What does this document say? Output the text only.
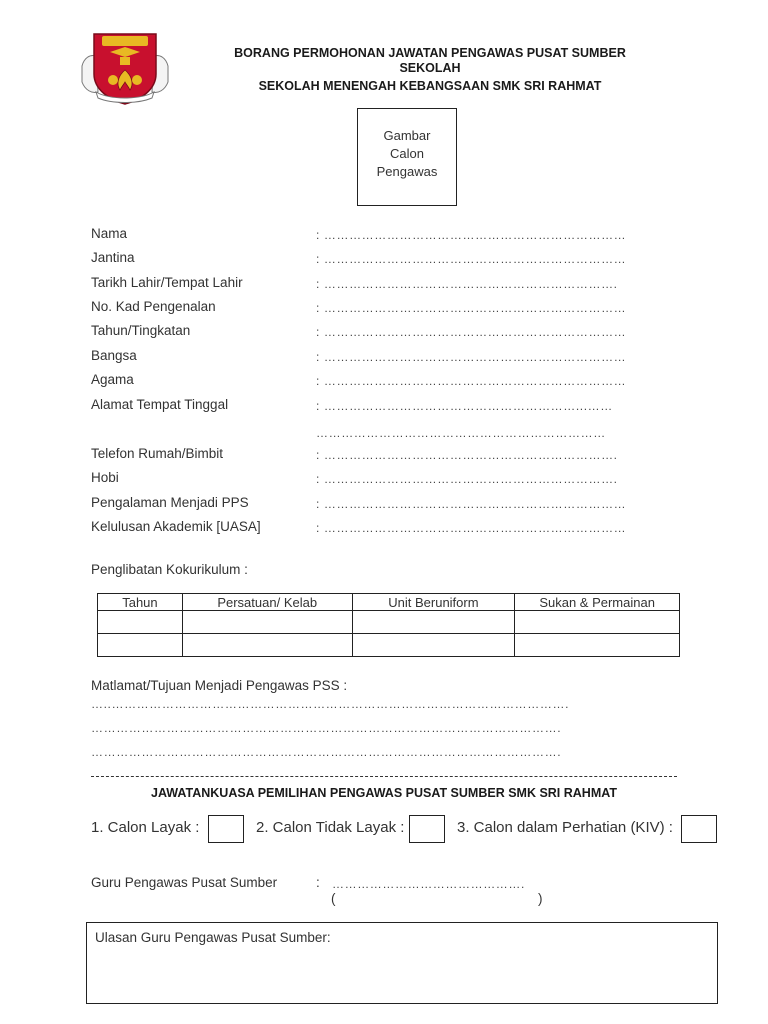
BORANG PERMOHONAN JAWATAN PENGAWAS PUSAT SUMBER
SEKOLAH
SEKOLAH MENENGAH KEBANGSAAN SMK SRI RAHMAT
Gambar
Calon
Pengawas
Nama	: ………………………………………………………………
Jantina	: ………………………………………………………………
Tarikh Lahir/Tempat Lahir	: …………………………………………………………….
No. Kad Pengenalan	: ………………………………………………………………
Tahun/Tingkatan	: ………………………………………………………………
Bangsa	: ………………………………………………………………
Agama	: ………………………………………………………………
Alamat Tempat Tinggal	: ……………………………………………………...……
……………………………………………………………
Telefon Rumah/Bimbit	: …………………………………………………………….
Hobi	: …………………………………………………………….
Pengalaman Menjadi PPS	: ………………………………………………………………
Kelulusan Akademik [UASA]	: ………………………………………………………………
Penglibatan Kokurikulum :
Tahun	Persatuan/ Kelab	Unit Beruniform	Sukan & Permainan

Matlamat/Tujuan Menjadi Pengawas PSS :
…..……………………………………………………………………………………………….
………………………………………………………………………………………………….
………………………………………………………………………………………………….
JAWATANKUASA PEMILIHAN PENGAWAS PUSAT SUMBER SMK SRI RAHMAT
1. Calon Layak :	2. Calon Tidak Layak :	3. Calon dalam Perhatian (KIV) :
Guru Pengawas Pusat Sumber	: ……………………………………….
(	)
Ulasan Guru Pengawas Pusat Sumber:
